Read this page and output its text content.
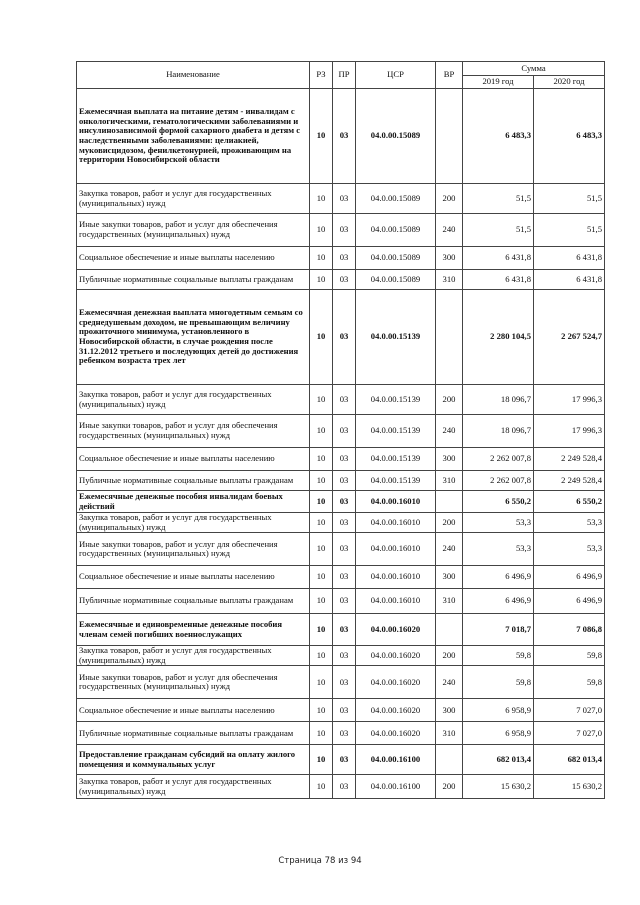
Наименование	РЗ	ПР	ЦСР	ВР	Сумма	
					2019 год	2020 год
Ежемесячная выплата на питание детям - инвалидам с онкологическими, гематологическими заболеваниями и инсулинозависимой формой сахарного диабета и детям с наследственными заболеваниями: целиакией, муковисцидозом, фенилкетонурией, проживающим на территории Новосибирской области	10	03	04.0.00.15089		6 483,3	6 483,3
Закупка товаров, работ и услуг для государственных (муниципальных) нужд	10	03	04.0.00.15089	200	51,5	51,5
Иные закупки товаров, работ и услуг для обеспечения государственных (муниципальных) нужд	10	03	04.0.00.15089	240	51,5	51,5
Социальное обеспечение и иные выплаты населению	10	03	04.0.00.15089	300	6 431,8	6 431,8
Публичные нормативные социальные выплаты гражданам	10	03	04.0.00.15089	310	6 431,8	6 431,8
Ежемесячная денежная выплата многодетным семьям со среднедушевым доходом, не превышающим величину прожиточного минимума, установленного в Новосибирской области, в случае рождения после 31.12.2012 третьего и последующих детей до достижения ребенком возраста трех лет	10	03	04.0.00.15139		2 280 104,5	2 267 524,7
Закупка товаров, работ и услуг для государственных (муниципальных) нужд	10	03	04.0.00.15139	200	18 096,7	17 996,3
Иные закупки товаров, работ и услуг для обеспечения государственных (муниципальных) нужд	10	03	04.0.00.15139	240	18 096,7	17 996,3
Социальное обеспечение и иные выплаты населению	10	03	04.0.00.15139	300	2 262 007,8	2 249 528,4
Публичные нормативные социальные выплаты гражданам	10	03	04.0.00.15139	310	2 262 007,8	2 249 528,4
Ежемесячные денежные пособия инвалидам боевых действий	10	03	04.0.00.16010		6 550,2	6 550,2
Закупка товаров, работ и услуг для государственных (муниципальных) нужд	10	03	04.0.00.16010	200	53,3	53,3
Иные закупки товаров, работ и услуг для обеспечения государственных (муниципальных) нужд	10	03	04.0.00.16010	240	53,3	53,3
Социальное обеспечение и иные выплаты населению	10	03	04.0.00.16010	300	6 496,9	6 496,9
Публичные нормативные социальные выплаты гражданам	10	03	04.0.00.16010	310	6 496,9	6 496,9
Ежемесячные и единовременные денежные пособия членам семей погибших военнослужащих	10	03	04.0.00.16020		7 018,7	7 086,8
Закупка товаров, работ и услуг для государственных (муниципальных) нужд	10	03	04.0.00.16020	200	59,8	59,8
Иные закупки товаров, работ и услуг для обеспечения государственных (муниципальных) нужд	10	03	04.0.00.16020	240	59,8	59,8
Социальное обеспечение и иные выплаты населению	10	03	04.0.00.16020	300	6 958,9	7 027,0
Публичные нормативные социальные выплаты гражданам	10	03	04.0.00.16020	310	6 958,9	7 027,0
Предоставление гражданам субсидий на оплату жилого помещения и коммунальных услуг	10	03	04.0.00.16100		682 013,4	682 013,4
Закупка товаров, работ и услуг для государственных (муниципальных) нужд	10	03	04.0.00.16100	200	15 630,2	15 630,2
Страница 78 из 94
